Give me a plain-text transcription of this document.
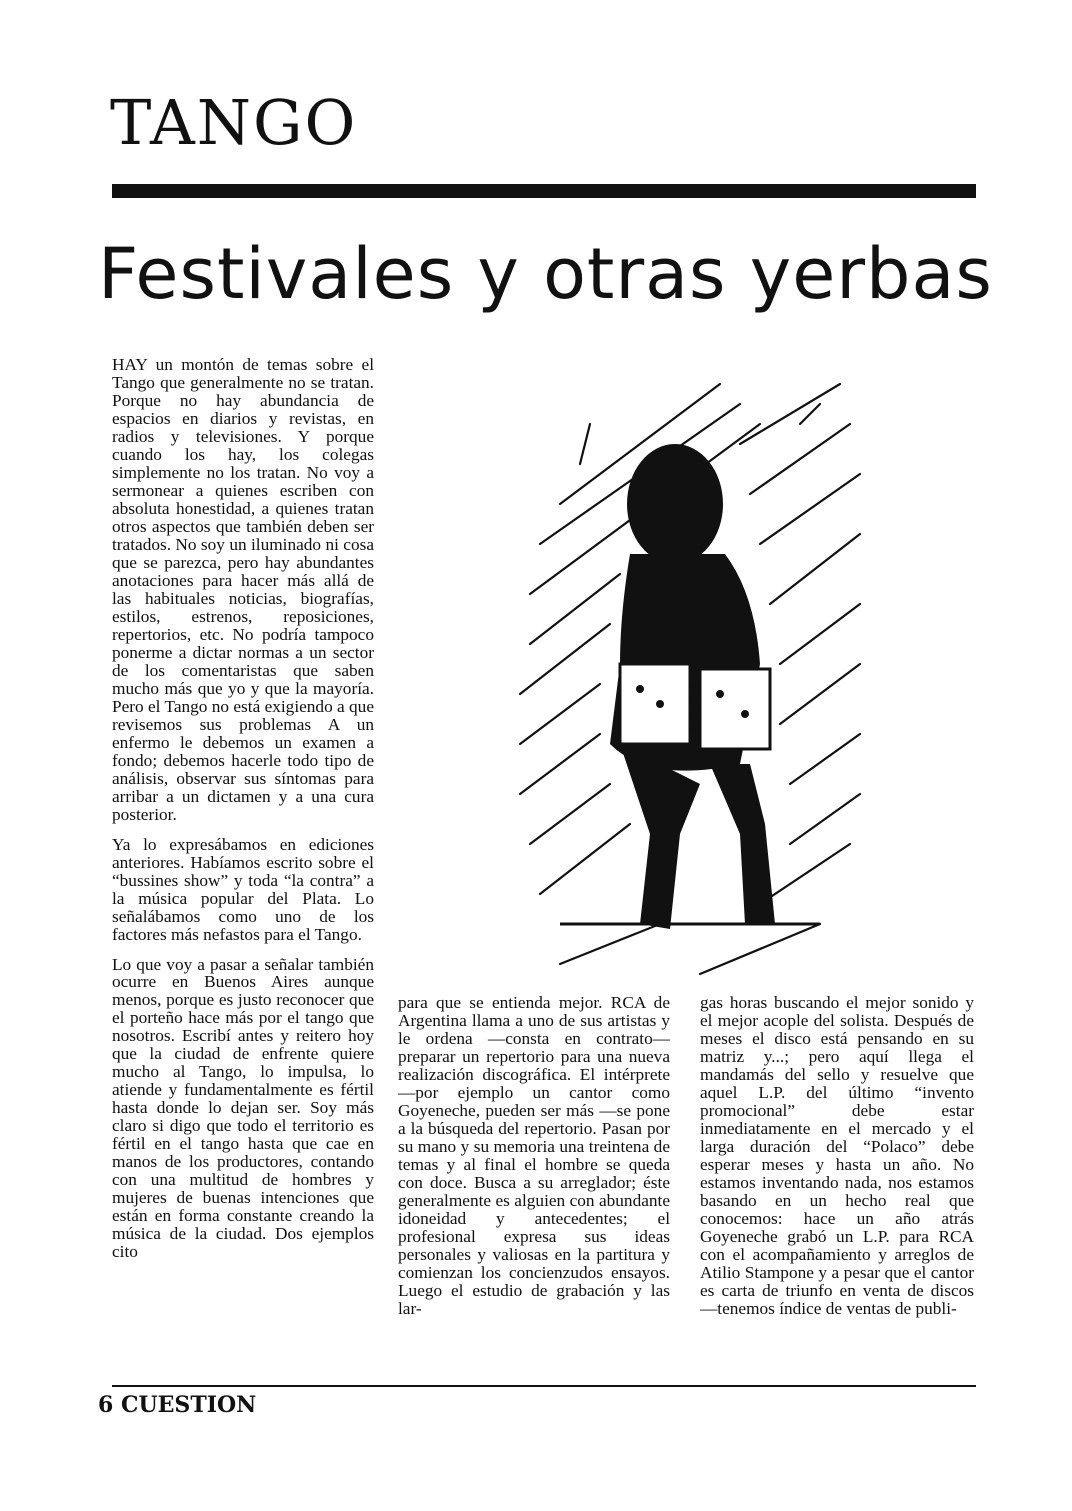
TANGO
Festivales y otras yerbas

HAY un montón de temas sobre el Tango que generalmente no se tratan. Porque no hay abundancia de espacios en diarios y revistas, en radios y televisiones. Y porque cuando los hay, los colegas simplemente no los tratan. No voy a sermonear a quienes escriben con absoluta honestidad, a quienes tratan otros aspectos que también deben ser tratados. No soy un iluminado ni cosa que se parezca, pero hay abundantes anotaciones para hacer más allá de las habituales noticias, biografías, estilos, estrenos, reposiciones, repertorios, etc. No podría tampoco ponerme a dictar normas a un sector de los comentaristas que saben mucho más que yo y que la mayoría. Pero el Tango no está exigiendo a que revisemos sus problemas A un enfermo le debemos un examen a fondo; debemos hacerle todo tipo de análisis, observar sus síntomas para arribar a un dictamen y a una cura posterior.

Ya lo expresábamos en ediciones anteriores. Habíamos escrito sobre el “bussines show” y toda “la contra” a la música popular del Plata. Lo señalábamos como uno de los factores más nefastos para el Tango.

Lo que voy a pasar a señalar también ocurre en Buenos Aires aunque menos, porque es justo reconocer que el porteño hace más por el tango que nosotros. Escribí antes y reitero hoy que la ciudad de enfrente quiere mucho al Tango, lo impulsa, lo atiende y fundamentalmente es fértil hasta donde lo dejan ser. Soy más claro si digo que todo el territorio es fértil en el tango hasta que cae en manos de los productores, contando con una multitud de hombres y mujeres de buenas intenciones que están en forma constante creando la música de la ciudad. Dos ejemplos cito

para que se entienda mejor. RCA de Argentina llama a uno de sus artistas y le ordena —consta en contrato— preparar un repertorio para una nueva realización discográfica. El intérprete —por ejemplo un cantor como Goyeneche, pueden ser más —se pone a la búsqueda del repertorio. Pasan por su mano y su memoria una treintena de temas y al final el hombre se queda con doce. Busca a su arreglador; éste generalmente es alguien con abundante idoneidad y antecedentes; el profesional expresa sus ideas personales y valiosas en la partitura y comienzan los concienzudos ensayos. Luego el estudio de grabación y las lar-

gas horas buscando el mejor sonido y el mejor acople del solista. Después de meses el disco está pensando en su matriz y...; pero aquí llega el mandamás del sello y resuelve que aquel L.P. del último “invento promocional” debe estar inmediatamente en el mercado y el larga duración del “Polaco” debe esperar meses y hasta un año. No estamos inventando nada, nos estamos basando en un hecho real que conocemos: hace un año atrás Goyeneche grabó un L.P. para RCA con el acompañamiento y arreglos de Atilio Stampone y a pesar que el cantor es carta de triunfo en venta de discos —tenemos índice de ventas de publi-

6 CUESTION
